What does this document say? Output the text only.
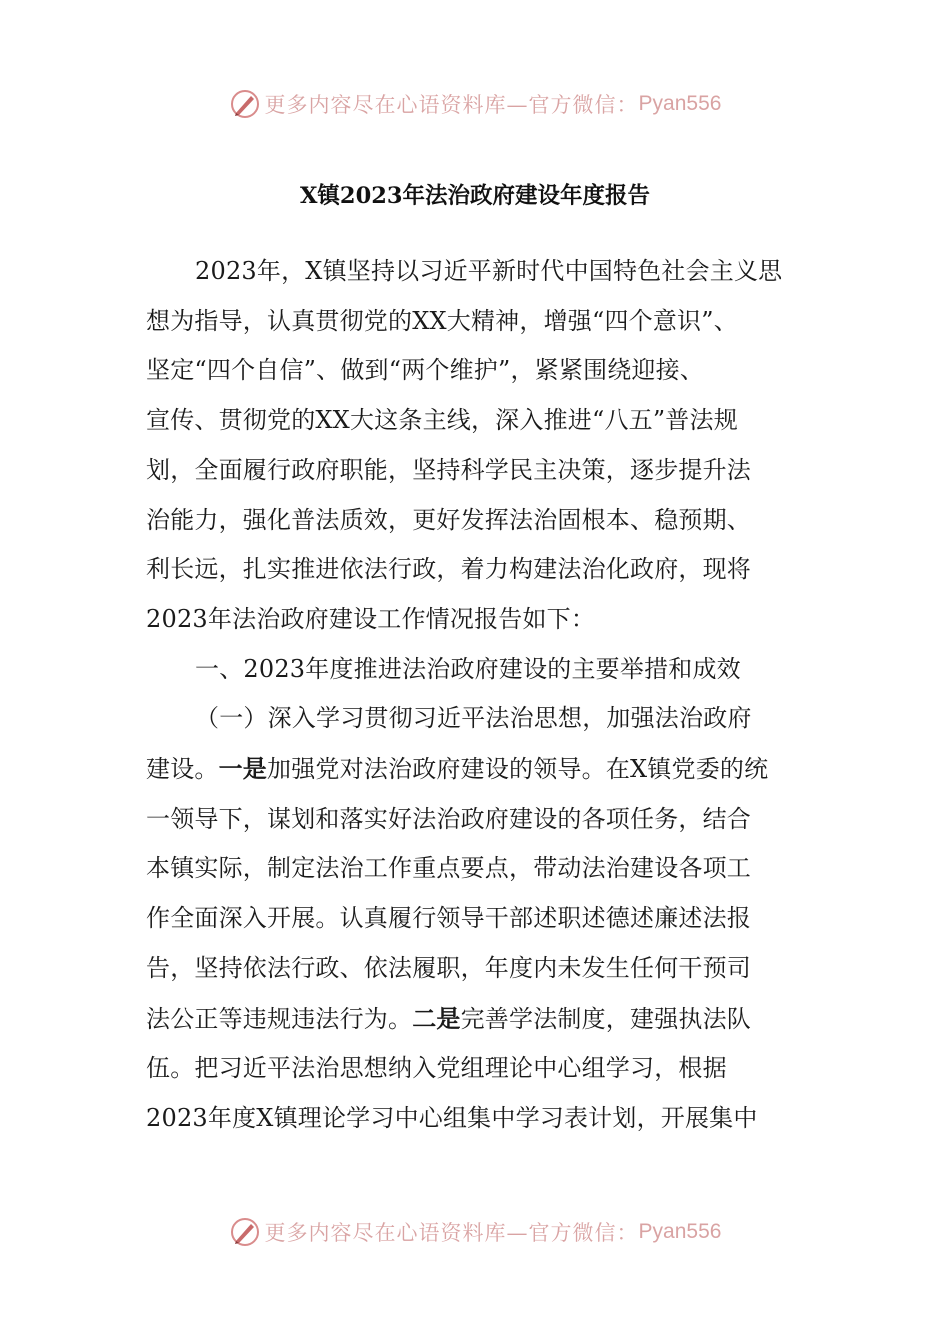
更多内容尽在心语资料库—官方微信： Pyan556
X镇2023年法治政府建设年度报告

2023年，X镇坚持以习近平新时代中国特色社会主义思

想为指导，认真贯彻党的XX大精神，增强“四个意识”、

坚定“四个自信”、做到“两个维护”，紧紧围绕迎接、

宣传、贯彻党的XX大这条主线，深入推进“八五”普法规

划，全面履行政府职能，坚持科学民主决策，逐步提升法

治能力，强化普法质效，更好发挥法治固根本、稳预期、

利长远，扎实推进依法行政，着力构建法治化政府，现将

2023年法治政府建设工作情况报告如下：

一、2023年度推进法治政府建设的主要举措和成效

（一）深入学习贯彻习近平法治思想，加强法治政府

建设。一是加强党对法治政府建设的领导。在X镇党委的统

一领导下，谋划和落实好法治政府建设的各项任务，结合

本镇实际，制定法治工作重点要点，带动法治建设各项工

作全面深入开展。认真履行领导干部述职述德述廉述法报

告，坚持依法行政、依法履职，年度内未发生任何干预司

法公正等违规违法行为。二是完善学法制度，建强执法队

伍。把习近平法治思想纳入党组理论中心组学习，根据

2023年度X镇理论学习中心组集中学习表计划，开展集中

更多内容尽在心语资料库—官方微信： Pyan556
